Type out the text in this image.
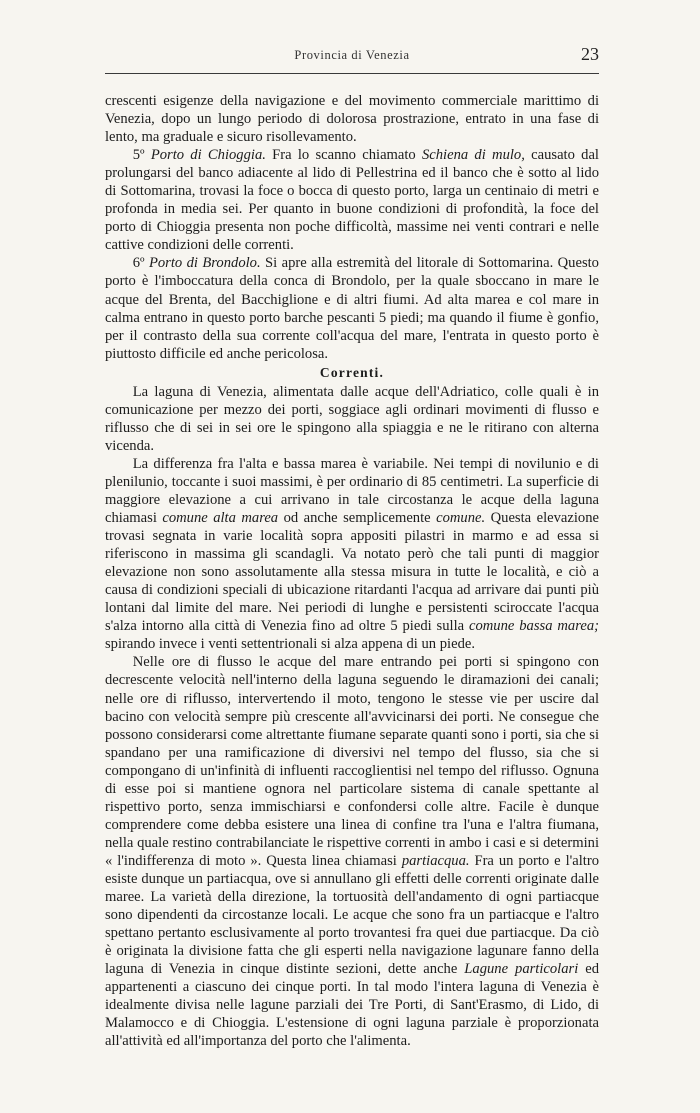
Provincia di Venezia	23

crescenti esigenze della navigazione e del movimento commerciale marittimo di Venezia, dopo un lungo periodo di dolorosa prostrazione, entrato in una fase di lento, ma graduale e sicuro risollevamento.

5º Porto di Chioggia. Fra lo scanno chiamato Schiena di mulo, causato dal prolungarsi del banco adiacente al lido di Pellestrina ed il banco che è sotto al lido di Sottomarina, trovasi la foce o bocca di questo porto, larga un centinaio di metri e profonda in media sei. Per quanto in buone condizioni di profondità, la foce del porto di Chioggia presenta non poche difficoltà, massime nei venti contrari e nelle cattive condizioni delle correnti.

6º Porto di Brondolo. Si apre alla estremità del litorale di Sottomarina. Questo porto è l'imboccatura della conca di Brondolo, per la quale sboccano in mare le acque del Brenta, del Bacchiglione e di altri fiumi. Ad alta marea e col mare in calma entrano in questo porto barche pescanti 5 piedi; ma quando il fiume è gonfio, per il contrasto della sua corrente coll'acqua del mare, l'entrata in questo porto è piuttosto difficile ed anche pericolosa.

Correnti.

La laguna di Venezia, alimentata dalle acque dell'Adriatico, colle quali è in comunicazione per mezzo dei porti, soggiace agli ordinari movimenti di flusso e riflusso che di sei in sei ore le spingono alla spiaggia e ne le ritirano con alterna vicenda.

La differenza fra l'alta e bassa marea è variabile. Nei tempi di novilunio e di plenilunio, toccante i suoi massimi, è per ordinario di 85 centimetri. La superficie di maggiore elevazione a cui arrivano in tale circostanza le acque della laguna chiamasi comune alta marea od anche semplicemente comune. Questa elevazione trovasi segnata in varie località sopra appositi pilastri in marmo e ad essa si riferiscono in massima gli scandagli. Va notato però che tali punti di maggior elevazione non sono assolutamente alla stessa misura in tutte le località, e ciò a causa di condizioni speciali di ubicazione ritardanti l'acqua ad arrivare dai punti più lontani dal limite del mare. Nei periodi di lunghe e persistenti sciroccate l'acqua s'alza intorno alla città di Venezia fino ad oltre 5 piedi sulla comune bassa marea; spirando invece i venti settentrionali si alza appena di un piede.

Nelle ore di flusso le acque del mare entrando pei porti si spingono con decrescente velocità nell'interno della laguna seguendo le diramazioni dei canali; nelle ore di riflusso, intervertendo il moto, tengono le stesse vie per uscire dal bacino con velocità sempre più crescente all'avvicinarsi dei porti. Ne consegue che possono considerarsi come altrettante fiumane separate quanti sono i porti, sia che si spandano per una ramificazione di diversivi nel tempo del flusso, sia che si compongano di un'infinità di influenti raccoglientisi nel tempo del riflusso. Ognuna di esse poi si mantiene ognora nel particolare sistema di canale spettante al rispettivo porto, senza immischiarsi e confondersi colle altre. Facile è dunque comprendere come debba esistere una linea di confine tra l'una e l'altra fiumana, nella quale restino contrabilanciate le rispettive correnti in ambo i casi e si determini « l'indifferenza di moto ». Questa linea chiamasi partiacqua. Fra un porto e l'altro esiste dunque un partiacqua, ove si annullano gli effetti delle correnti originate dalle maree. La varietà della direzione, la tortuosità dell'andamento di ogni partiacque sono dipendenti da circostanze locali. Le acque che sono fra un partiacque e l'altro spettano pertanto esclusivamente al porto trovantesi fra quei due partiacque. Da ciò è originata la divisione fatta che gli esperti nella navigazione lagunare fanno della laguna di Venezia in cinque distinte sezioni, dette anche Lagune particolari ed appartenenti a ciascuno dei cinque porti. In tal modo l'intera laguna di Venezia è idealmente divisa nelle lagune parziali dei Tre Porti, di Sant'Erasmo, di Lido, di Malamocco e di Chioggia. L'estensione di ogni laguna parziale è proporzionata all'attività ed all'importanza del porto che l'alimenta.
